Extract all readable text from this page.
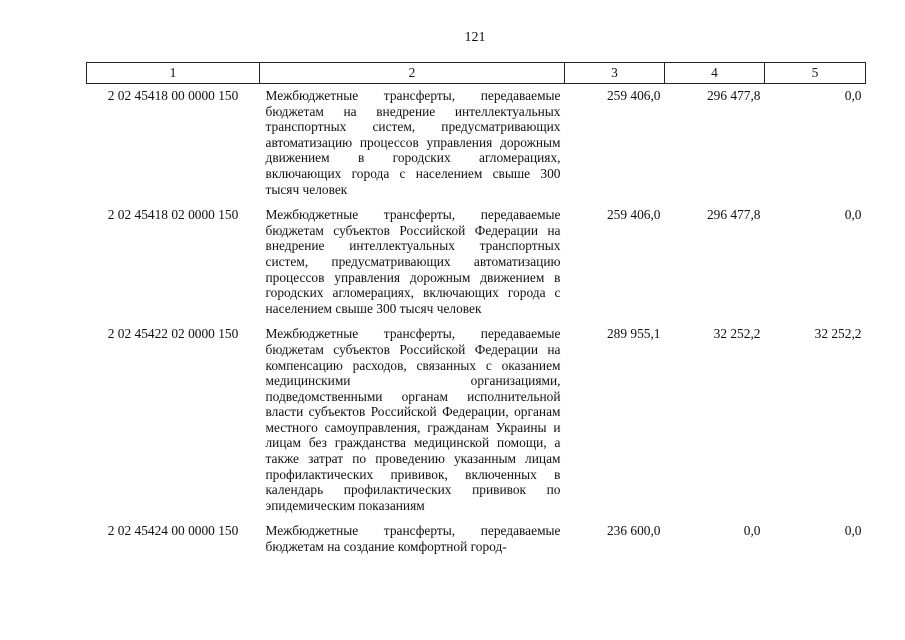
121
1	2	3	4	5
2 02 45418 00 0000 150	Межбюджетные трансферты, передаваемые бюджетам на внедрение интеллектуальных транспортных систем, предусматривающих автоматизацию процессов управления дорожным движением в городских агломерациях, включающих города с населением свыше 300 тысяч человек	259 406,0	296 477,8	0,0
2 02 45418 02 0000 150	Межбюджетные трансферты, передаваемые бюджетам субъектов Российской Федерации на внедрение интеллектуальных транспортных систем, предусматривающих автоматизацию процессов управления дорожным движением в городских агломерациях, включающих города с населением свыше 300 тысяч человек	259 406,0	296 477,8	0,0
2 02 45422 02 0000 150	Межбюджетные трансферты, передаваемые бюджетам субъектов Российской Федерации на компенсацию расходов, связанных с оказанием медицинскими организациями, подведомственными органам исполнительной власти субъектов Российской Федерации, органам местного самоуправления, гражданам Украины и лицам без гражданства медицинской помощи, а также затрат по проведению указанным лицам профилактических прививок, включенных в календарь профилактических прививок по эпидемическим показаниям	289 955,1	32 252,2	32 252,2
2 02 45424 00 0000 150	Межбюджетные трансферты, передаваемые бюджетам на создание комфортной город-	236 600,0	0,0	0,0
